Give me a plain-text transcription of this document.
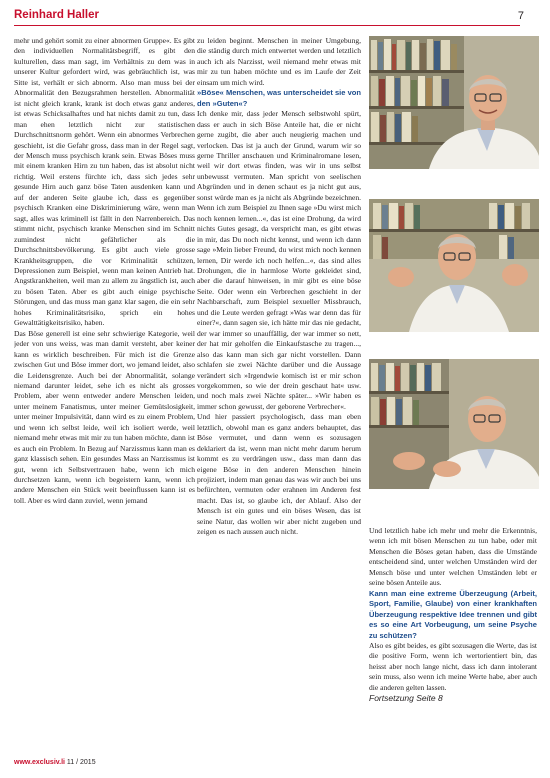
Reinhard Haller	7

mehr und gehört somit zu einer abnormen Gruppe«. Es gibt den individuellen Normalitätsbegriff, es gibt den kulturellen, dass man sagt, im Verhältnis zu dem was in unserer Kultur gefordert wird, was gebräuchlich ist, was Sitte ist, verhält er sich abnorm. Also man muss bei der Abnormalität den Bezugsrahmen herstellen. Abnormalität ist nicht gleich krank, krank ist doch etwas ganz anderes, ist etwas Schicksalhaftes und hat nichts damit zu tun, dass man ehen letztlich nicht zur statistischen Durchschnittsnorm gehört. Wenn ein abnormes Verbrechen geschieht, ist die Gefahr gross, dass man in der Regel sagt, der Mensch muss psychisch krank sein. Etwas Böses muss mit einem kranken Hirn zu tun haben, das ist absolut nicht richtig. Weil erstens fürchte ich, dass sich jedes sehr gesunde Hirn auch ganz böse Taten ausdenken kann und auf der anderen Seite glaube ich, dass es gegenüber psychisch Kranken eine Diskriminierung wäre, wenn man sagt, alles was kriminell ist fällt in den Narrenbereich. Das stimmt nicht, psychisch kranke Menschen sind im Schnitt zumindest nicht gefährlicher als die Durchschnittsbevölkerung. Es gibt auch viele grosse Krankheitsgruppen, die vor Kriminalität schützen, Depressionen zum Beispiel, wenn man keinen Antrieb hat. Angstkrankheiten, weil man zu allem zu ängstlich ist, auch zu bösen Taten. Aber es gibt auch einige psychische Störungen, und das muss man ganz klar sagen, die ein sehr hohes Kriminalitätsrisiko, sprich ein hohes Gewalttätigkeitsrisiko, haben.

Das Böse generell ist eine sehr schwierige Kategorie, weil jeder von uns weiss, was man damit versteht, aber keiner kann es wirklich beschreiben. Für mich ist die Grenze zwischen Gut und Böse immer dort, wo jemand leidet, also die Leidensgrenze. Auch bei der Abnormalität, solange niemand darunter leidet, sehe ich es nicht als grosses Problem, aber wenn entweder andere Menschen leiden, unter meinem Fanatismus, unter meiner Gemütslosigkeit, unter meiner Impulsivität, dann wird es zu einem Problem, und wenn ich selbst leide, weil ich isoliert werde, weil niemand mehr etwas mit mir zu tun haben möchte, dann ist es auch ein Problem. In Bezug auf Narzissmus kann man es ganz klassisch sehen. Ein gesundes Mass an Narzissmus ist gut, wenn ich Selbstvertrauen habe, wenn ich mich durchsetzen kann, wenn ich begeistern kann, wenn ich andere Menschen ein Stück weit beeinflussen kann ist es toll. Aber es wird dann zuviel, wenn jemand

zu leiden beginnt. Menschen in meiner Umgebung, die ständig durch mich entwertet werden und letztlich auch ich als Narzisst, weil niemand mehr etwas mit mir zu tun haben möchte und es im Laufe der Zeit einsam um mich wird.

»Böse« Menschen, was unterscheidet sie von den »Guten«?

Ich denke mir, dass jeder Mensch selbstwohl spürt, dass er auch in sich Böse Anteile hat, die er nicht gerne zugibt, die aber auch neugierig machen und verlocken. Das ist ja auch der Grund, warum wir so gerne Thriller anschauen und Kriminalromane lesen, weil wir dort etwas finden, was wir in uns selbst unbewusst vermuten. Man spricht von seelischen Abgründen und in denen schaut es ja nicht gut aus, sonst würde man es ja nicht als Abgründe bezeichnen. Wenn ich zum Beispiel zu Ihnen sage »Du wirst mich noch kennen lernen...«, das ist eine Drohung, da wird nichts Gutes gesagt, da verspricht man, es gibt etwas in mir, das Du noch nicht kennst, und wenn ich dann sage »Mein lieber Freund, du wirst mich noch kennen lernen, Dir werde ich noch helfen...«, das sind alles Drohungen, die in harmlose Worte gekleidet sind, aber die darauf hinweisen, in mir gibt es eine böse Seite. Oder wenn ein Verbrechen geschieht in der Nachbarschaft, zum Beispiel sexueller Missbrauch, und die Leute werden gefragt »Was war denn das für einer?«, dann sagen sie, ich hätte mir das nie gedacht, der war immer so unauffällig, der war immer so nett, der hat mir geholfen die Einkaufstasche zu tragen..., also das kann man sich gar nicht vorstellen. Dann schlafen sie zwei Nächte darüber und die Aussage verändert sich »Irgendwie komisch ist er mir schon vorgekommen, so wie der drein geschaut hat« usw. und noch mals zwei Nächte später... »Wir haben es immer schon gewusst, der geborene Verbrecher«.

Und hier passiert psychologisch, dass man eben letztlich, obwohl man es ganz anders behauptet, das Böse vermutet, und dann wenn es sozusagen deklariert da ist, wenn man nicht mehr darum herum kommt es zu verdrängen usw., dass man dann das eigene Böse in den anderen Menschen hinein projiziert, indem man genau das was wir auch bei uns befürchten, vermuten oder erahnen im Anderen fest macht. Das ist, so glaube ich, der Ablauf. Also der Mensch ist ein gutes und ein böses Wesen, das ist seine Natur, das wollen wir aber nicht zugeben und zeigen es nach aussen auch nicht.	Und letztlich habe ich mehr und mehr die Erkenntnis, wenn ich mit bösen Menschen zu tun habe, oder mit Menschen die Böses getan haben, dass die Umstände entscheidend sind, unter welchen Umständen wird der Mensch böse und unter welchen Umständen lebt er seine bösen Anteile aus.

Kann man eine extreme Überzeugung (Arbeit, Sport, Familie, Glaube) von einer krankhaften Überzeugung respektive Idee trennen und gibt es so eine Art Vorbeugung, um seine Psyche zu schützen?

Also es gibt beides, es gibt sozusagen die Werte, das ist die positive Form, wenn ich wertorientiert bin, das heisst aber noch lange nicht, dass ich dann intolerant sein muss, also wenn ich meine Werte habe, aber auch die anderen gelten lassen.

Fortsetzung Seite 8

www.exclusiv.li 11 / 2015
